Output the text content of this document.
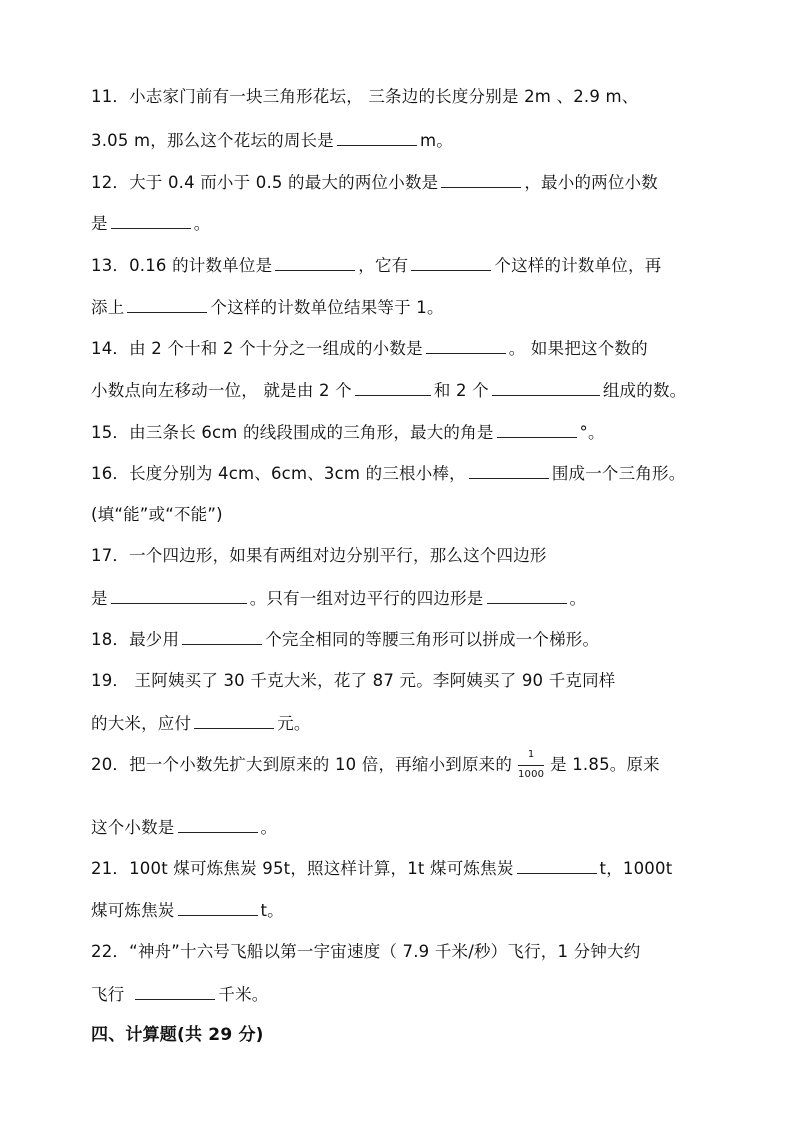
11．小志家门前有一块三角形花坛， 三条边的长度分别是 2m 、2.9 m、
3.05 m，那么这个花坛的周长是	m。
12．大于 0.4 而小于 0.5 的最大的两位小数是	，最小的两位小数
是	。
13．0.16 的计数单位是	，它有	个这样的计数单位，再
添上	个这样的计数单位结果等于 1。
14．由 2 个十和 2 个十分之一组成的小数是	。 如果把这个数的
小数点向左移动一位， 就是由 2 个	和 2 个	组成的数。
15．由三条长 6cm 的线段围成的三角形，最大的角是	°。
16．长度分别为 4cm、6cm、3cm 的三根小棒，	围成一个三角形。
(填“能”或“不能”)
17．一个四边形，如果有两组对边分别平行，那么这个四边形
是	。只有一组对边平行的四边形是	。
18．最少用	个完全相同的等腰三角形可以拼成一个梯形。
19． 王阿姨买了 30 千克大米，花了 87 元。李阿姨买了 90 千克同样
的大米，应付	元。
20．把一个小数先扩大到原来的 10 倍，再缩小到原来的 $\frac{1}{1000}$ 是 1.85。原来
这个小数是	。
21．100t 煤可炼焦炭 95t，照这样计算，1t 煤可炼焦炭	t，1000t
煤可炼焦炭	t。
22．“神舟”十六号飞船以第一宇宙速度（ 7.9 千米/秒）飞行，1 分钟大约
飞行	千米。
四、计算题(共 29 分)
